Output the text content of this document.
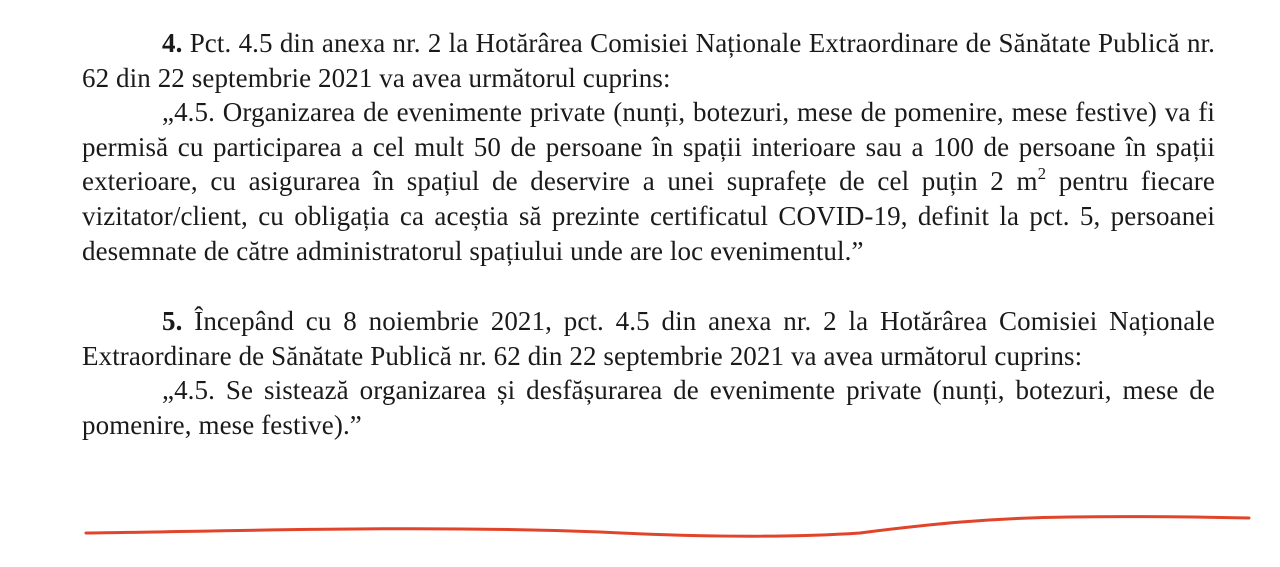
4. Pct. 4.5 din anexa nr. 2 la Hotărârea Comisiei Naționale Extraordinare de Sănătate Publică nr. 62 din 22 septembrie 2021 va avea următorul cuprins:

„4.5. Organizarea de evenimente private (nunți, botezuri, mese de pomenire, mese festive) va fi permisă cu participarea a cel mult 50 de persoane în spații interioare sau a 100 de persoane în spații exterioare, cu asigurarea în spațiul de deservire a unei suprafețe de cel puțin 2 $m^2$ pentru fiecare vizitator/client, cu obligația ca aceștia să prezinte certificatul COVID-19, definit la pct. 5, persoanei desemnate de către administratorul spațiului unde are loc evenimentul.”

5. Începând cu 8 noiembrie 2021, pct. 4.5 din anexa nr. 2 la Hotărârea Comisiei Naționale Extraordinare de Sănătate Publică nr. 62 din 22 septembrie 2021 va avea următorul cuprins:

„4.5. Se sistează organizarea și desfășurarea de evenimente private (nunți, botezuri, mese de pomenire, mese festive).”
